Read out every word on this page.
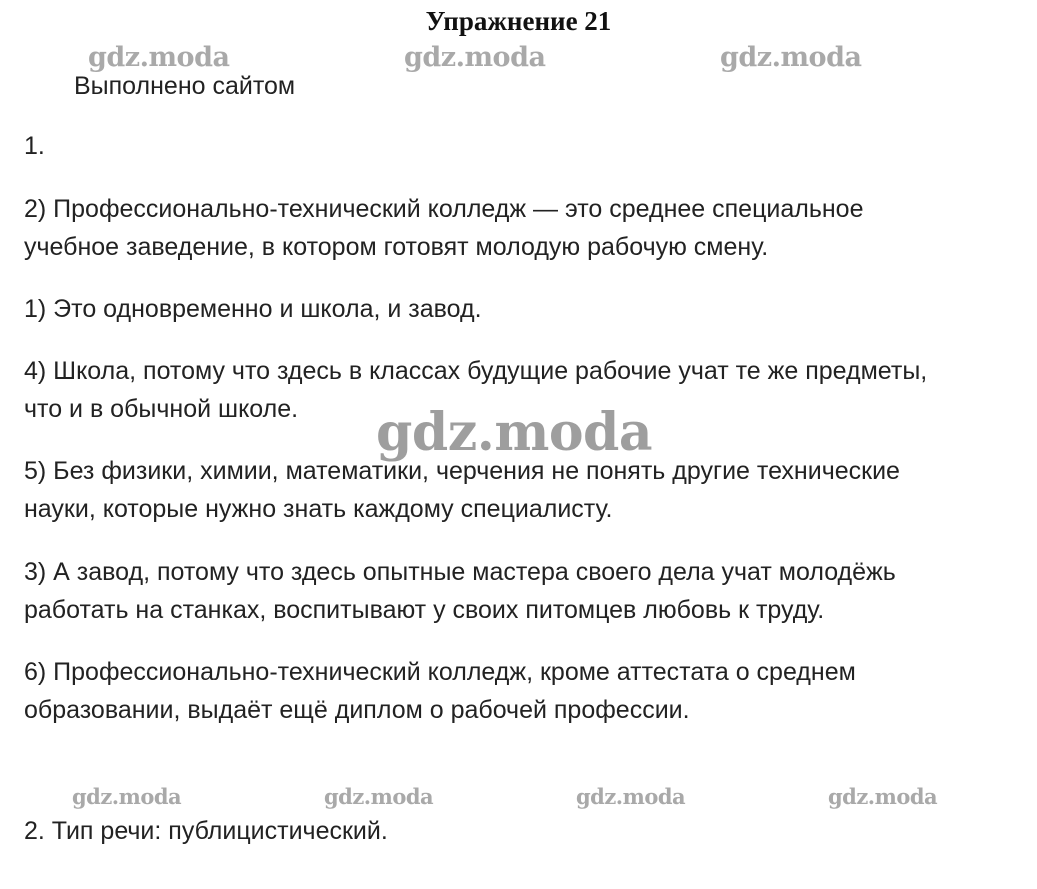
Упражнение 21
gdz.moda	gdz.moda	gdz.moda
Выполнено сайтом
1.
2) Профессионально-технический колледж — это среднее специальное
учебное заведение, в котором готовят молодую рабочую смену.
1) Это одновременно и школа, и завод.
4) Школа, потому что здесь в классах будущие рабочие учат те же предметы,
что и в обычной школе.
5) Без физики, химии, математики, черчения не понять другие технические
науки, которые нужно знать каждому специалисту.
3) А завод, потому что здесь опытные мастера своего дела учат молодёжь
работать на станках, воспитывают у своих питомцев любовь к труду.
6) Профессионально-технический колледж, кроме аттестата о среднем
образовании, выдаёт ещё диплом о рабочей профессии.
gdz.moda
gdz.moda	gdz.moda	gdz.moda	gdz.moda
2. Тип речи: публицистический.
